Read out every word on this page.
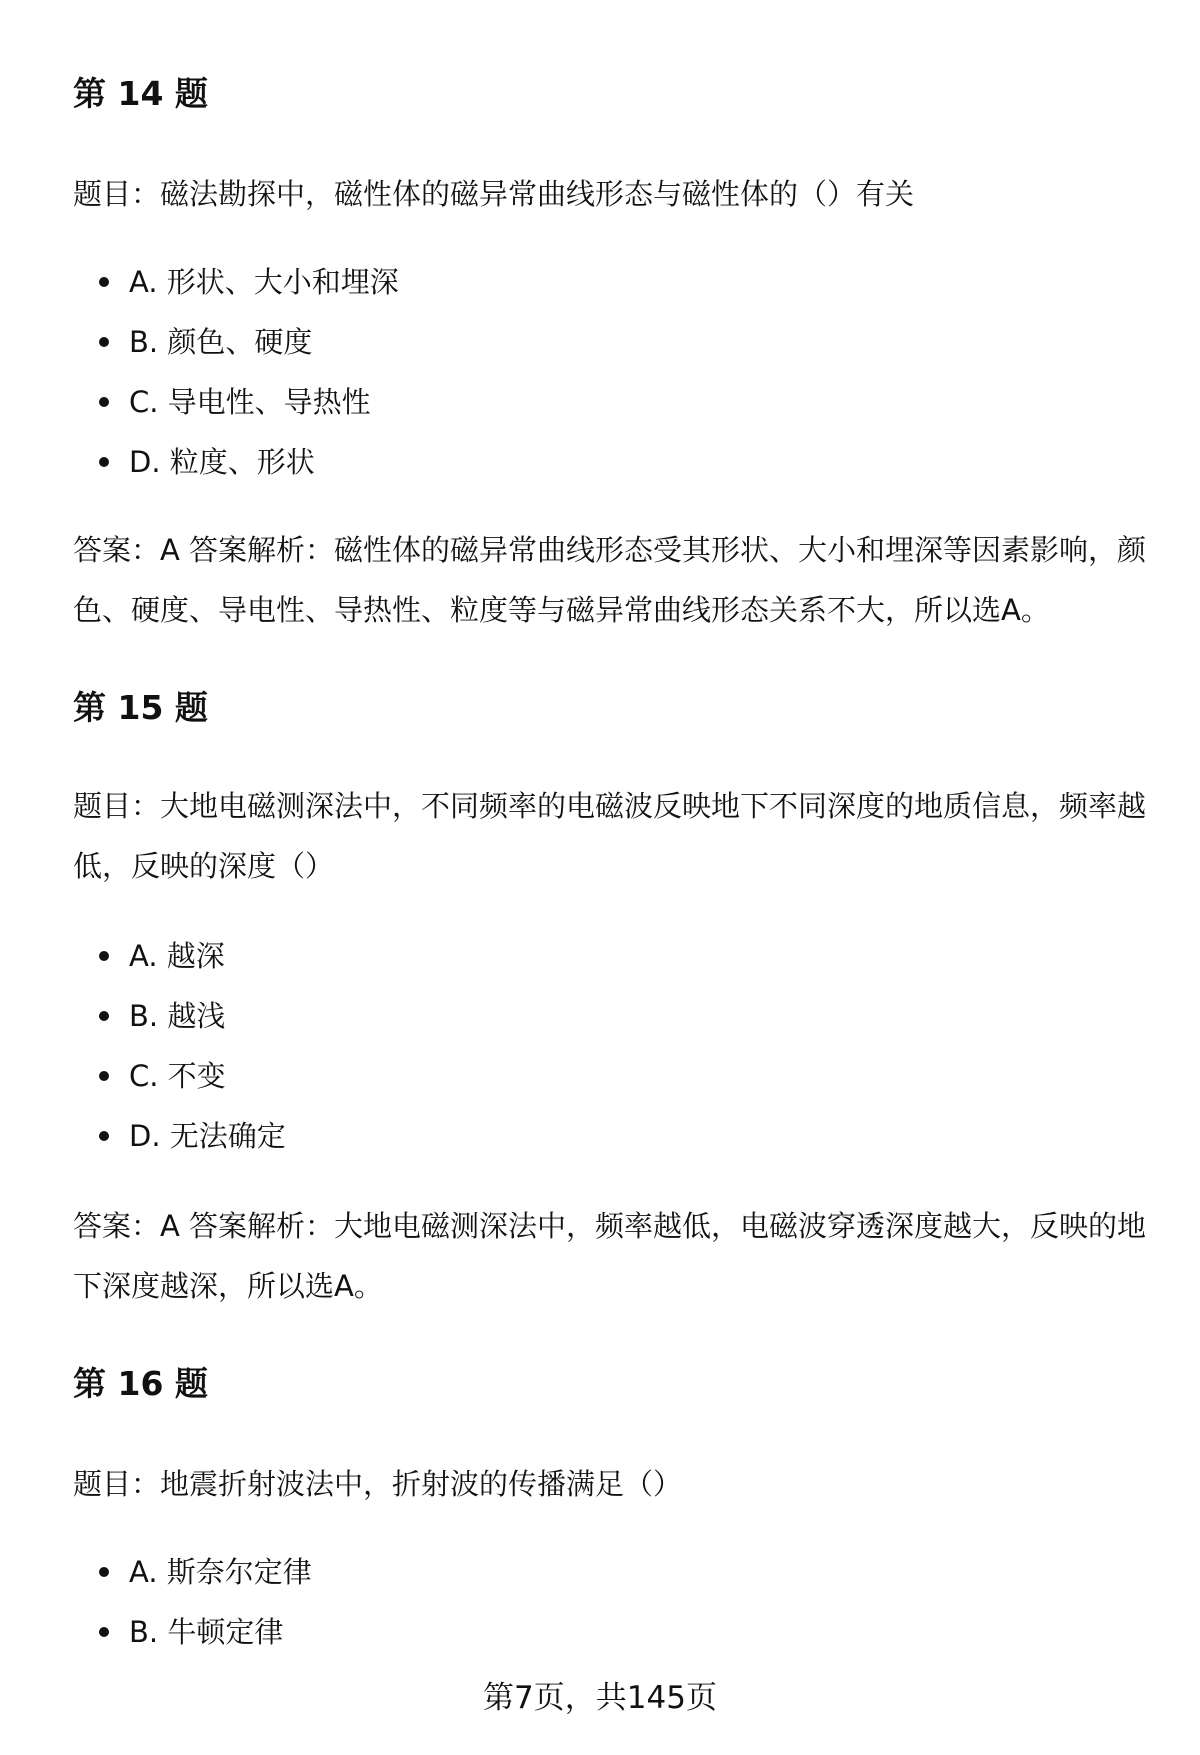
第 14 题

题目：磁法勘探中，磁性体的磁异常曲线形态与磁性体的（）有关

A. 形状、大小和埋深
B. 颜色、硬度
C. 导电性、导热性
D. 粒度、形状

答案：A 答案解析：磁性体的磁异常曲线形态受其形状、大小和埋深等因素影响，颜色、硬度、导电性、导热性、粒度等与磁异常曲线形态关系不大，所以选A。

第 15 题

题目：大地电磁测深法中，不同频率的电磁波反映地下不同深度的地质信息，频率越低，反映的深度（）

A. 越深
B. 越浅
C. 不变
D. 无法确定

答案：A 答案解析：大地电磁测深法中，频率越低，电磁波穿透深度越大，反映的地下深度越深，所以选A。

第 16 题

题目：地震折射波法中，折射波的传播满足（）

A. 斯奈尔定律
B. 牛顿定律
第7页，共145页
